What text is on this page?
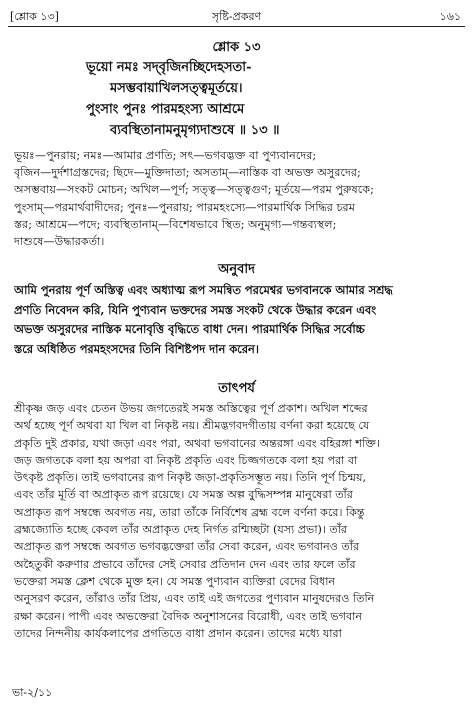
[শ্লোক ১৩]	সৃষ্টি-প্রকরণ	১৬১
শ্লোক ১৩
ভূয়ো নমঃ সদ্‌বৃজিনচ্ছিদেহসতা-
মসম্ভবায়াখিলসত্ত্বমূর্তয়ে।
পুংসাং পুনঃ পারমহংস্য আশ্রমে
ব্যবস্থিতানামনুমৃগ্যদাশুষে ॥ ১৩ ॥

ভূয়ঃ—পুনরায়; নমঃ—আমার প্রণতি; সৎ—ভগবদ্ভক্ত বা পুণ্যবানদের;

বৃজিন—দুর্দশাগ্রস্তদের; ছিদে—মুক্তিদাতা; অসতাম্—নাস্তিক বা অভক্ত অসুরদের;

অসম্ভবায়—সংকট মোচন; অখিল—পূর্ণ; সত্ত্ব—সত্ত্বগুণ; মূর্তয়ে—পরম পুরুষকে;

পুংসাম্—পরমার্থবাদীদের; পুনঃ—পুনরায়; পারমহংস্যে—পারমার্থিক সিদ্ধির চরম

স্তর; আশ্রমে—পদে; ব্যবস্থিতানাম্—বিশেষভাবে স্থিত; অনুমৃগ্য—গন্তব্যস্থল;

দাশুষে—উদ্ধারকর্তা।

অনুবাদ

আমি পুনরায় পূর্ণ অস্তিত্ব এবং অধ্যাত্ম রূপ সমন্বিত পরমেশ্বর ভগবানকে আমার সশ্রদ্ধ

প্রণতি নিবেদন করি, যিনি পুণ্যবান ভক্তদের সমস্ত সংকট থেকে উদ্ধার করেন এবং

অভক্ত অসুরদের নাস্তিক মনোবৃত্তি বৃদ্ধিতে বাধা দেন। পারমার্থিক সিদ্ধির সর্বোচ্চ

স্তরে অধিষ্ঠিত পরমহংসদের তিনি বিশিষ্টপদ দান করেন।

তাৎপর্য

শ্রীকৃষ্ণ জড় এবং চেতন উভয় জগতেরই সমস্ত অস্তিত্বের পূর্ণ প্রকাশ। অখিল শব্দের

অর্থ হচ্ছে পূর্ণ অথবা যা খিল বা নিকৃষ্ট নয়। শ্রীমদ্ভগবদগীতায় বর্ণনা করা হয়েছে যে

প্রকৃতি দুই প্রকার, যথা জড়া এবং পরা, অথবা ভগবানের অন্তরঙ্গা এবং বহিরঙ্গা শক্তি।

জড় জগতকে বলা হয় অপরা বা নিকৃষ্ট প্রকৃতি এবং চিজ্জগতকে বলা হয় পরা বা

উৎকৃষ্ট প্রকৃতি। তাই ভগবানের রূপ নিকৃষ্ট জড়া-প্রকৃতিসম্ভূত নয়। তিনি পূর্ণ চিন্ময়,

এবং তাঁর মূর্তি বা অপ্রাকৃত রূপ রয়েছে। যে সমস্ত অল্প বুদ্ধিসম্পন্ন মানুষেরা তাঁর

অপ্রাকৃত রূপ সম্বন্ধে অবগত নয়, তারা তাঁকে নির্বিশেষ ব্রহ্ম বলে বর্ণনা করে। কিন্তু

ব্রহ্মজ্যোতি হচ্ছে কেবল তাঁর অপ্রাকৃত দেহ নির্গত রশ্মিচ্ছটা (যস্য প্রভা)। তাঁর

অপ্রাকৃত রূপ সম্বন্ধে অবগত ভগবদ্ভক্তেরা তাঁর সেবা করেন, এবং ভগবানও তাঁর

অহৈতুকী করুণার প্রভাবে তাঁদের সেই সেবার প্রতিদান দেন এবং তার ফলে তাঁর

ভক্তেরা সমস্ত ক্লেশ থেকে মুক্ত হন। যে সমস্ত পুণ্যবান ব্যক্তিরা বেদের বিধান

অনুসরণ করেন, তাঁরাও তাঁর প্রিয়, এবং তাই এই জগতের পুণ্যবান মানুষদেরও তিনি

রক্ষা করেন। পাপী এবং অভক্তেরা বৈদিক অনুশাসনের বিরোধী, এবং তাই ভগবান

তাদের নিন্দনীয় কার্যকলাপের প্রগতিতে বাধা প্রদান করেন। তাদের মধ্যে যারা

ভা-২/১১
